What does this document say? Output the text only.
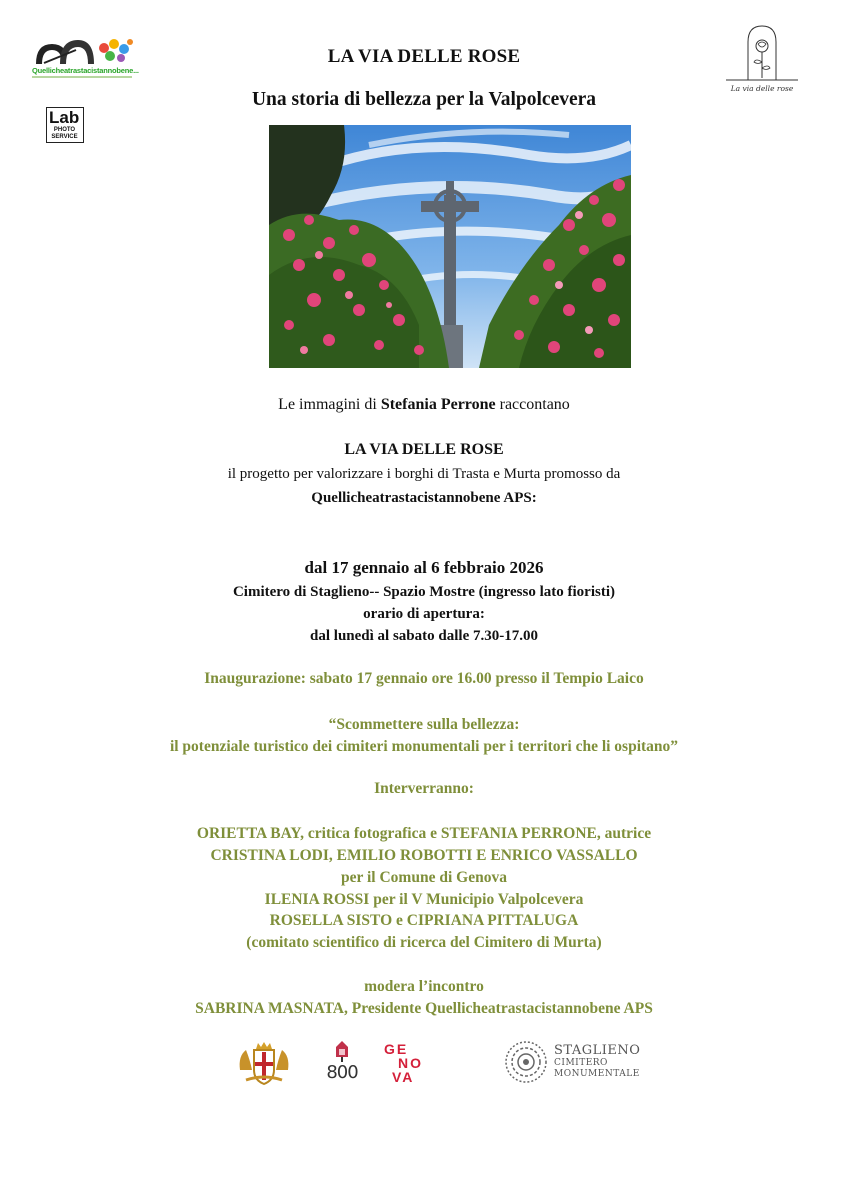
Quellicheatrastacistannobene...
Lab
PHOTO
SERVICE
La via delle rose
LA VIA DELLE ROSE
Una storia di bellezza per la Valpolcevera
Le immagini di Stefania Perrone raccontano
LA VIA DELLE ROSE
il progetto per valorizzare i borghi di Trasta e Murta promosso da
Quellicheatrastacistannobene APS:
dal 17 gennaio al 6 febbraio 2026
Cimitero di Staglieno-- Spazio Mostre (ingresso lato fioristi)
orario di apertura:
dal lunedì al sabato dalle 7.30-17.00
Inaugurazione: sabato 17 gennaio ore 16.00 presso il Tempio Laico
“Scommettere sulla bellezza:
il potenziale turistico dei cimiteri monumentali per i territori che li ospitano”
Interverranno:
ORIETTA BAY, critica fotografica e STEFANIA PERRONE, autrice
CRISTINA LODI, EMILIO ROBOTTI E ENRICO VASSALLO
per il Comune di Genova
ILENIA ROSSI per il V Municipio Valpolcevera
ROSELLA SISTO e CIPRIANA PITTALUGA
(comitato scientifico di ricerca del Cimitero di Murta)
modera l’incontro
SABRINA MASNATA, Presidente Quellicheatrastacistannobene APS
800
GE
NO
VA
STAGLIENO
CIMITERO
MONUMENTALE
